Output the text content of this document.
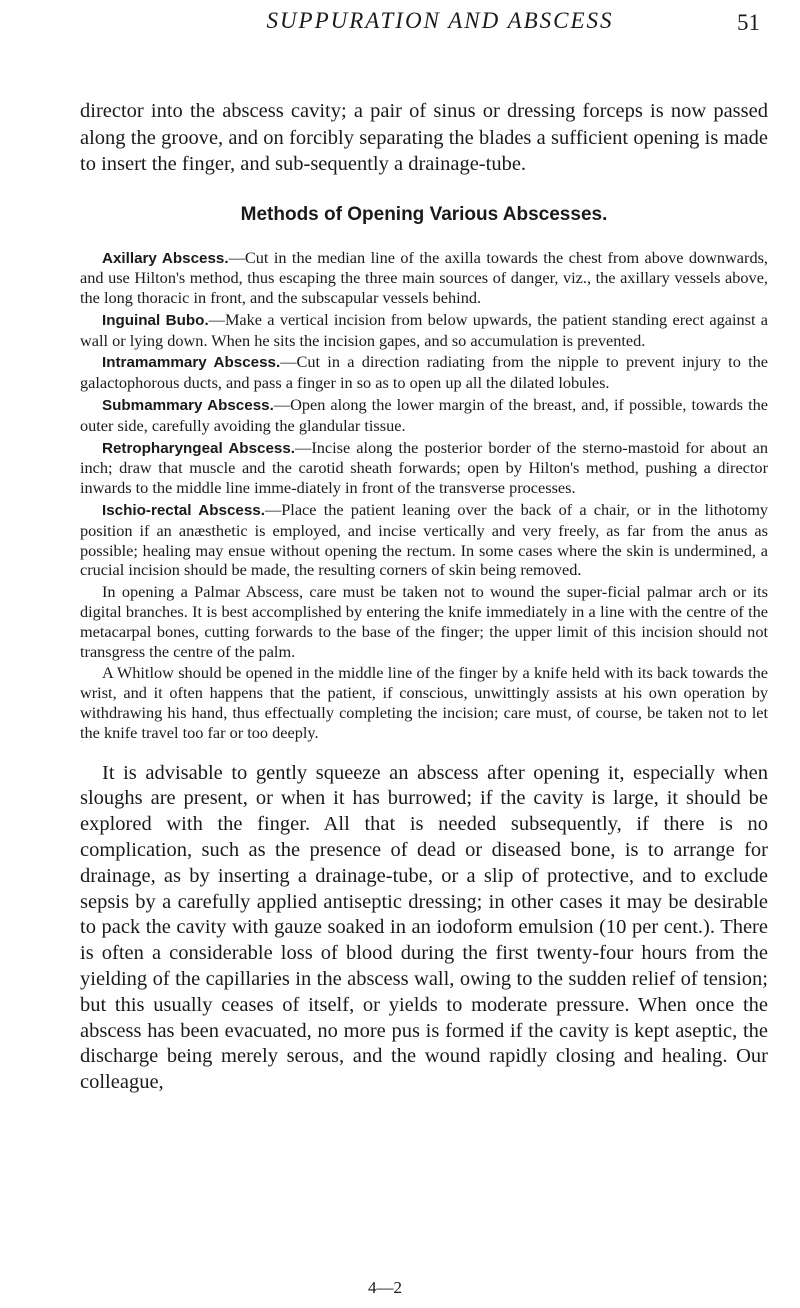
SUPPURATION AND ABSCESS	51

director into the abscess cavity; a pair of sinus or dressing forceps is now passed along the groove, and on forcibly separating the blades a sufficient opening is made to insert the finger, and sub-sequently a drainage-tube.

Methods of Opening Various Abscesses.

Axillary Abscess.—Cut in the median line of the axilla towards the chest from above downwards, and use Hilton's method, thus escaping the three main sources of danger, viz., the axillary vessels above, the long thoracic in front, and the subscapular vessels behind.

Inguinal Bubo.—Make a vertical incision from below upwards, the patient standing erect against a wall or lying down. When he sits the incision gapes, and so accumulation is prevented.

Intramammary Abscess.—Cut in a direction radiating from the nipple to prevent injury to the galactophorous ducts, and pass a finger in so as to open up all the dilated lobules.

Submammary Abscess.—Open along the lower margin of the breast, and, if possible, towards the outer side, carefully avoiding the glandular tissue.

Retropharyngeal Abscess.—Incise along the posterior border of the sterno-mastoid for about an inch; draw that muscle and the carotid sheath forwards; open by Hilton's method, pushing a director inwards to the middle line imme-diately in front of the transverse processes.

Ischio-rectal Abscess.—Place the patient leaning over the back of a chair, or in the lithotomy position if an anæsthetic is employed, and incise vertically and very freely, as far from the anus as possible; healing may ensue without opening the rectum. In some cases where the skin is undermined, a crucial incision should be made, the resulting corners of skin being removed.

In opening a Palmar Abscess, care must be taken not to wound the super-ficial palmar arch or its digital branches. It is best accomplished by entering the knife immediately in a line with the centre of the metacarpal bones, cutting forwards to the base of the finger; the upper limit of this incision should not transgress the centre of the palm.

A Whitlow should be opened in the middle line of the finger by a knife held with its back towards the wrist, and it often happens that the patient, if conscious, unwittingly assists at his own operation by withdrawing his hand, thus effectually completing the incision; care must, of course, be taken not to let the knife travel too far or too deeply.

It is advisable to gently squeeze an abscess after opening it, especially when sloughs are present, or when it has burrowed; if the cavity is large, it should be explored with the finger. All that is needed subsequently, if there is no complication, such as the presence of dead or diseased bone, is to arrange for drainage, as by inserting a drainage-tube, or a slip of protective, and to exclude sepsis by a carefully applied antiseptic dressing; in other cases it may be desirable to pack the cavity with gauze soaked in an iodoform emulsion (10 per cent.). There is often a considerable loss of blood during the first twenty-four hours from the yielding of the capillaries in the abscess wall, owing to the sudden relief of tension; but this usually ceases of itself, or yields to moderate pressure. When once the abscess has been evacuated, no more pus is formed if the cavity is kept aseptic, the discharge being merely serous, and the wound rapidly closing and healing. Our colleague,

4—2
